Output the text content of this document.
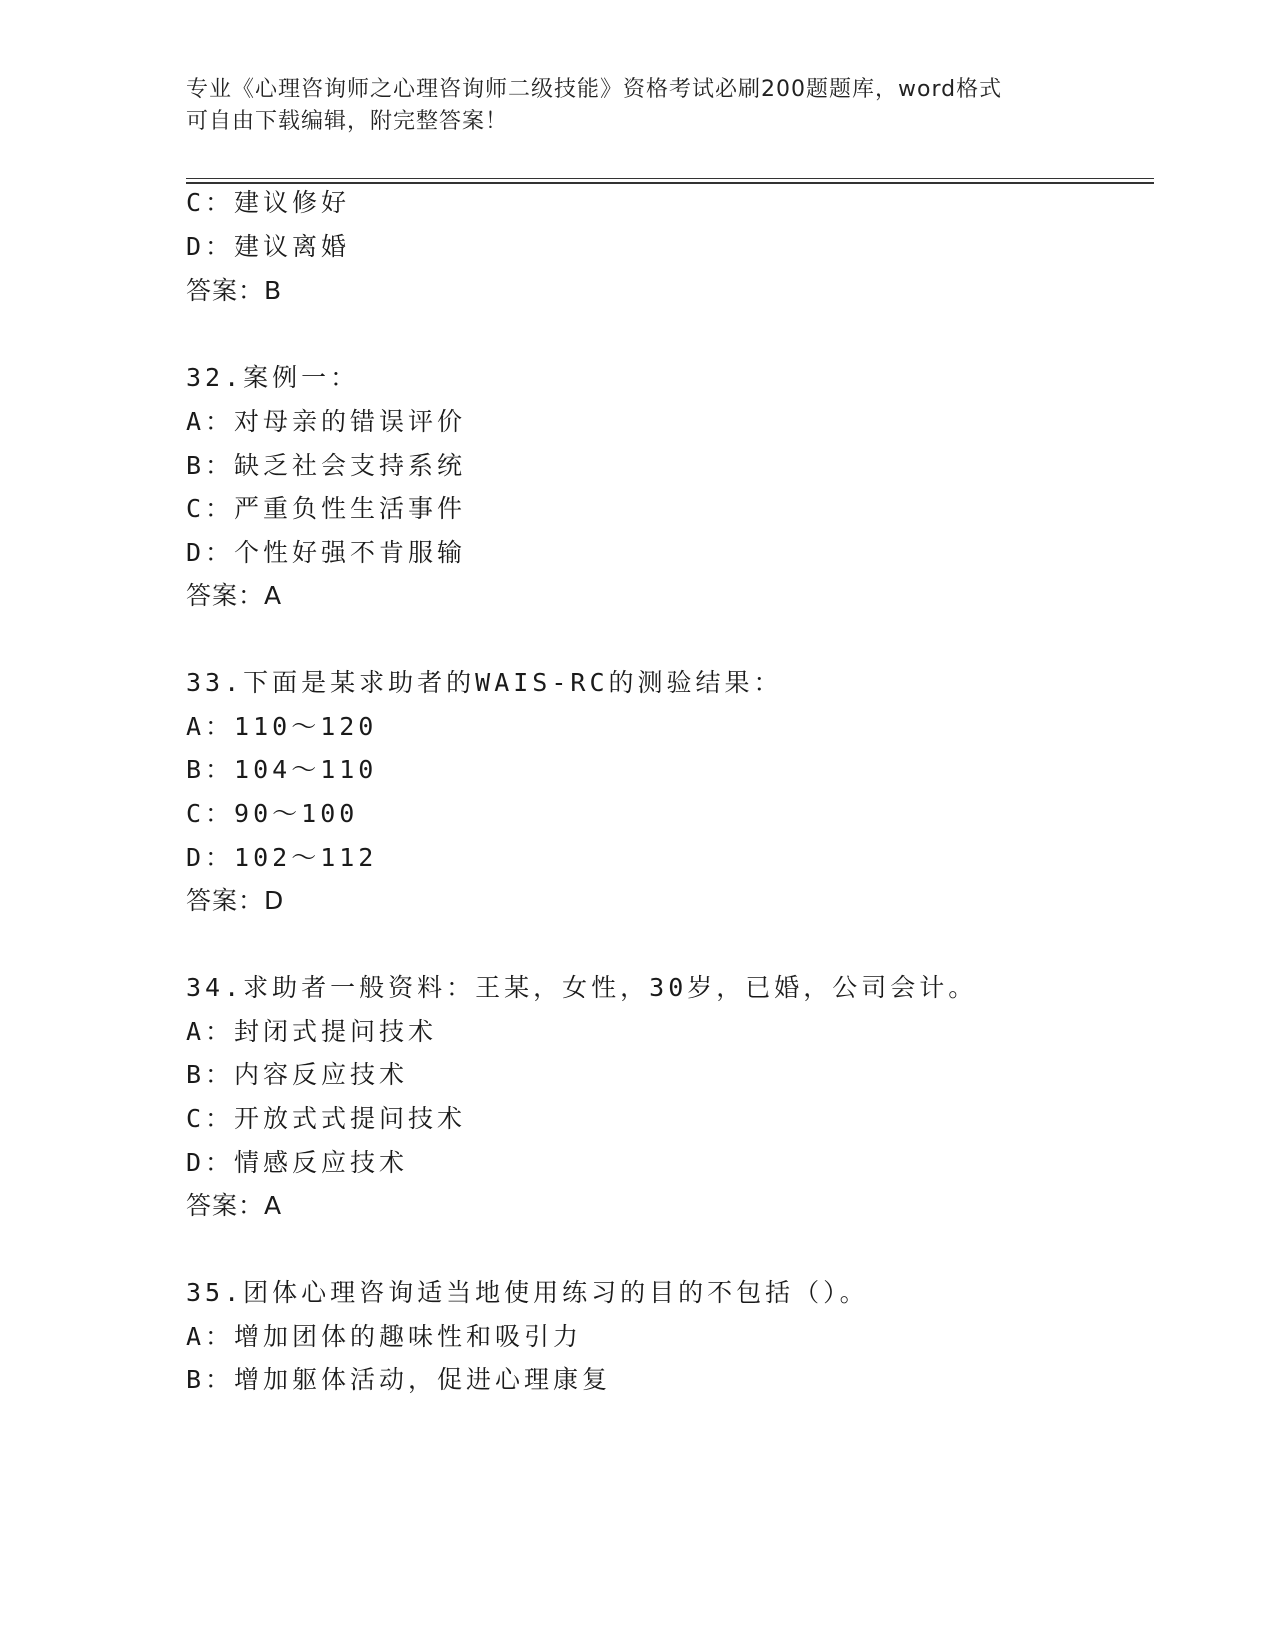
专业《心理咨询师之心理咨询师二级技能》资格考试必刷200题题库，word格式
可自由下载编辑，附完整答案！
C：建议修好
D：建议离婚
答案：B
32.案例一：
A：对母亲的错误评价
B：缺乏社会支持系统
C：严重负性生活事件
D：个性好强不肯服输
答案：A
33.下面是某求助者的WAIS-RC的测验结果：
A：110～120
B：104～110
C：90～100
D：102～112
答案：D
34.求助者一般资料：王某，女性，30岁，已婚，公司会计。
A：封闭式提问技术
B：内容反应技术
C：开放式式提问技术
D：情感反应技术
答案：A
35.团体心理咨询适当地使用练习的目的不包括（）。
A：增加团体的趣味性和吸引力
B：增加躯体活动，促进心理康复
